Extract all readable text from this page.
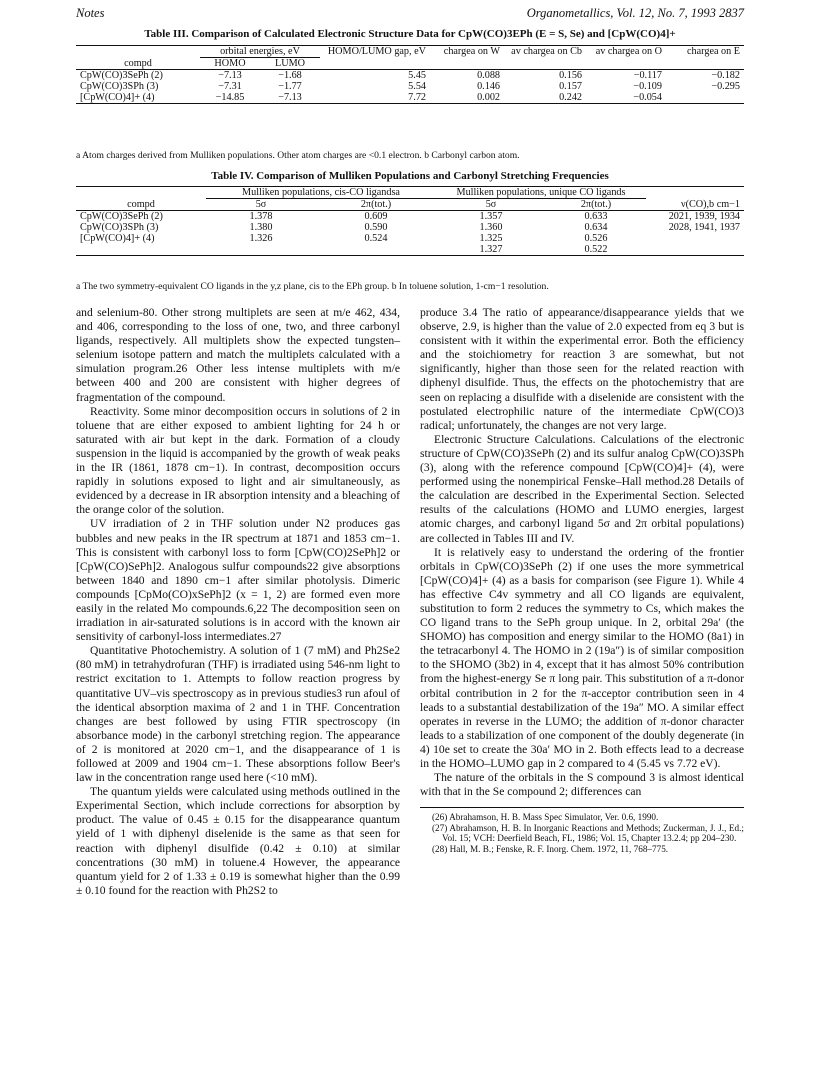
Notes	Organometallics, Vol. 12, No. 7, 1993 2837
Table III. Comparison of Calculated Electronic Structure Data for CpW(CO)3EPh (E = S, Se) and [CpW(CO)4]+
	orbital energies, eV		HOMO/LUMO gap, eV	chargea on W	av chargea on Cb	av chargea on O	chargea on E
compd	HOMO	LUMO					
CpW(CO)3SePh (2)	−7.13	−1.68	5.45	0.088	0.156	−0.117	−0.182
CpW(CO)3SPh (3)	−7.31	−1.77	5.54	0.146	0.157	−0.109	−0.295
[CpW(CO)4]+ (4)	−14.85	−7.13	7.72	0.002	0.242	−0.054	
a Atom charges derived from Mulliken populations. Other atom charges are <0.1 electron. b Carbonyl carbon atom.
Table IV. Comparison of Mulliken Populations and Carbonyl Stretching Frequencies
	Mulliken populations, cis-CO ligandsa		Mulliken populations, unique CO ligands		
compd	5σ	2π(tot.)	5σ	2π(tot.)	ν(CO),b cm−1
CpW(CO)3SePh (2)	1.378	0.609	1.357	0.633	2021, 1939, 1934
CpW(CO)3SPh (3)	1.380	0.590	1.360	0.634	2028, 1941, 1937
[CpW(CO)4]+ (4)	1.326	0.524	1.325	0.526	
			1.327	0.522	
a The two symmetry-equivalent CO ligands in the y,z plane, cis to the EPh group. b In toluene solution, 1-cm−1 resolution.

and selenium-80. Other strong multiplets are seen at m/e 462, 434, and 406, corresponding to the loss of one, two, and three carbonyl ligands, respectively. All multiplets show the expected tungsten–selenium isotope pattern and match the multiplets calculated with a simulation program.26 Other less intense multiplets with m/e between 400 and 200 are consistent with higher degrees of fragmentation of the compound.

Reactivity. Some minor decomposition occurs in solutions of 2 in toluene that are either exposed to ambient lighting for 24 h or saturated with air but kept in the dark. Formation of a cloudy suspension in the liquid is accompanied by the growth of weak peaks in the IR (1861, 1878 cm−1). In contrast, decomposition occurs rapidly in solutions exposed to light and air simultaneously, as evidenced by a decrease in IR absorption intensity and a bleaching of the orange color of the solution.

UV irradiation of 2 in THF solution under N2 produces gas bubbles and new peaks in the IR spectrum at 1871 and 1853 cm−1. This is consistent with carbonyl loss to form [CpW(CO)2SePh]2 or [CpW(CO)SePh]2. Analogous sulfur compounds22 give absorptions between 1840 and 1890 cm−1 after similar photolysis. Dimeric compounds [CpMo(CO)xSePh]2 (x = 1, 2) are formed even more easily in the related Mo compounds.6,22 The decomposition seen on irradiation in air-saturated solutions is in accord with the known air sensitivity of carbonyl-loss intermediates.27

Quantitative Photochemistry. A solution of 1 (7 mM) and Ph2Se2 (80 mM) in tetrahydrofuran (THF) is irradiated using 546-nm light to restrict excitation to 1. Attempts to follow reaction progress by quantitative UV–vis spectroscopy as in previous studies3 run afoul of the identical absorption maxima of 2 and 1 in THF. Concentration changes are best followed by using FTIR spectroscopy (in absorbance mode) in the carbonyl stretching region. The appearance of 2 is monitored at 2020 cm−1, and the disappearance of 1 is followed at 2009 and 1904 cm−1. These absorptions follow Beer's law in the concentration range used here (<10 mM).

The quantum yields were calculated using methods outlined in the Experimental Section, which include corrections for absorption by product. The value of 0.45 ± 0.15 for the disappearance quantum yield of 1 with diphenyl diselenide is the same as that seen for reaction with diphenyl disulfide (0.42 ± 0.10) at similar concentrations (30 mM) in toluene.4 However, the appearance quantum yield for 2 of 1.33 ± 0.19 is somewhat higher than the 0.99 ± 0.10 found for the reaction with Ph2S2 to

produce 3.4 The ratio of appearance/disappearance yields that we observe, 2.9, is higher than the value of 2.0 expected from eq 3 but is consistent with it within the experimental error. Both the efficiency and the stoichiometry for reaction 3 are somewhat, but not significantly, higher than those seen for the related reaction with diphenyl disulfide. Thus, the effects on the photochemistry that are seen on replacing a disulfide with a diselenide are consistent with the postulated electrophilic nature of the intermediate CpW(CO)3 radical; unfortunately, the changes are not very large.

Electronic Structure Calculations. Calculations of the electronic structure of CpW(CO)3SePh (2) and its sulfur analog CpW(CO)3SPh (3), along with the reference compound [CpW(CO)4]+ (4), were performed using the nonempirical Fenske–Hall method.28 Details of the calculation are described in the Experimental Section. Selected results of the calculations (HOMO and LUMO energies, largest atomic charges, and carbonyl ligand 5σ and 2π orbital populations) are collected in Tables III and IV.

It is relatively easy to understand the ordering of the frontier orbitals in CpW(CO)3SePh (2) if one uses the more symmetrical [CpW(CO)4]+ (4) as a basis for comparison (see Figure 1). While 4 has effective C4v symmetry and all CO ligands are equivalent, substitution to form 2 reduces the symmetry to Cs, which makes the CO ligand trans to the SePh group unique. In 2, orbital 29a′ (the SHOMO) has composition and energy similar to the HOMO (8a1) in the tetracarbonyl 4. The HOMO in 2 (19a″) is of similar composition to the SHOMO (3b2) in 4, except that it has almost 50% contribution from the highest-energy Se π long pair. This substitution of a π-donor orbital contribution in 2 for the π-acceptor contribution seen in 4 leads to a substantial destabilization of the 19a″ MO. A similar effect operates in reverse in the LUMO; the addition of π-donor character leads to a stabilization of one component of the doubly degenerate (in 4) 10e set to create the 30a′ MO in 2. Both effects lead to a decrease in the HOMO–LUMO gap in 2 compared to 4 (5.45 vs 7.72 eV).

The nature of the orbitals in the S compound 3 is almost identical with that in the Se compound 2; differences can

(26) Abrahamson, H. B. Mass Spec Simulator, Ver. 0.6, 1990.
(27) Abrahamson, H. B. In Inorganic Reactions and Methods; Zuckerman, J. J., Ed.; Vol. 15; VCH: Deerfield Beach, FL, 1986; Vol. 15, Chapter 13.2.4; pp 204–230.
(28) Hall, M. B.; Fenske, R. F. Inorg. Chem. 1972, 11, 768–775.
